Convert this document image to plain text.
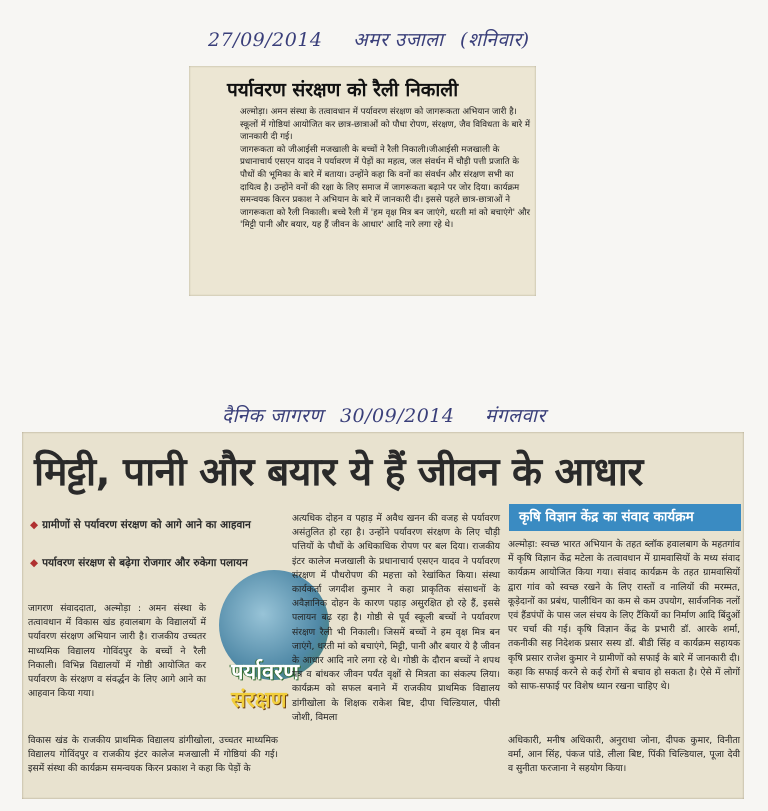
27/09/2014 अमर उजाला (शनिवार)
पर्यावरण संरक्षण को रैली निकाली

अल्मोड़ा। अमन संस्था के तत्वावधान में पर्यावरण संरक्षण को जागरूकता अभियान जारी है। स्कूलों में गोष्ठियां आयोजित कर छात्र-छात्राओं को पौधा रोपण, संरक्षण, जैव विविधता के बारे में जानकारी दी गई।

जागरूकता को जीआईसी मजखाली के बच्चों ने रैली निकाली।जीआईसी मजखाली के प्रधानाचार्य एसएन यादव ने पर्यावरण में पेड़ों का महत्व, जल संवर्धन में चौड़ी पत्ती प्रजाति के पौधों की भूमिका के बारे में बताया। उन्होंने कहा कि वनों का संवर्धन और संरक्षण सभी का दायित्व है। उन्होंने वनों की रक्षा के लिए समाज में जागरूकता बढ़ाने पर जोर दिया। कार्यक्रम समन्वयक किरन प्रकाश ने अभियान के बारे में जानकारी दी। इससे पहले छात्र-छात्राओं ने जागरूकता को रैली निकाली। बच्चे रैली में 'हम वृक्ष मित्र बन जाएंगे, धरती मां को बचाएंगे' और 'मिट्टी पानी और बयार, यह हैं जीवन के आधार' आदि नारे लगा रहे थे।

दैनिक जागरण 30/09/2014 मंगलवार
मिट्टी, पानी और बयार ये हैं जीवन के आधार
◆ ग्रामीणों से पर्यावरण संरक्षण को आगे आने का आहवान
◆ पर्यावरण संरक्षण से बढ़ेगा रोजगार और रुकेगा पलायन

जागरण संवाददाता, अल्मोड़ा : अमन संस्था के तत्वावधान में विकास खंड हवालबाग के विद्यालयों में पर्यावरण संरक्षण अभियान जारी है। राजकीय उच्चतर माध्यमिक विद्यालय गोविंदपुर के बच्चों ने रैली निकाली। विभिन्न विद्यालयों में गोष्ठी आयोजित कर पर्यावरण के संरक्षण व संवर्द्धन के लिए आगे आने का आहवान किया गया।

विकास खंड के राजकीय प्राथमिक विद्यालय डांगीखोला, उच्चतर माध्यमिक विद्यालय गोविंदपुर व राजकीय इंटर कालेज मजखाली में गोष्ठियां की गई। इसमें संस्था की कार्यक्रम समन्वयक किरन प्रकाश ने कहा कि पेड़ों के

पर्यावरण
संरक्षण

अत्यधिक दोहन व पहाड़ में अवैध खनन की वजह से पर्यावरण असंतुलित हो रहा है। उन्होंने पर्यावरण संरक्षण के लिए चौड़ी पत्तियों के पौधों के अधिकाधिक रोपण पर बल दिया। राजकीय इंटर कालेज मजखाली के प्रधानाचार्य एसएन यादव ने पर्यावरण संरक्षण में पौधरोपण की महत्ता को रेखांकित किया। संस्था कार्यकर्ता जगदीश कुमार ने कहा प्राकृतिक संसाधनों के अवैज्ञानिक दोहन के कारण पहाड़ असुरक्षित हो रहे हैं, इससे पलायन बढ़ रहा है। गोष्ठी से पूर्व स्कूली बच्चों ने पर्यावरण संरक्षण रैली भी निकाली। जिसमें बच्चों ने हम वृक्ष मित्र बन जाएंगे, धरती मां को बचाएंगे, मिट्टी, पानी और बयार ये है जीवन के आधार आदि नारे लगा रहे थे। गोष्ठी के दौरान बच्चों ने शपथ पत्र व बांधकर जीवन पर्यंत वृक्षों से मित्रता का संकल्प लिया। कार्यक्रम को सफल बनाने में राजकीय प्राथमिक विद्यालय डांगीखोला के शिक्षक राकेश बिष्ट, दीपा चिल्डियाल, पीसी जोशी, विमला

कृषि विज्ञान केंद्र का संवाद कार्यक्रम

अल्मोड़ा: स्वच्छ भारत अभियान के तहत ब्लॉक हवालबाग के महतगांव में कृषि विज्ञान केंद्र मटेला के तत्वावधान में ग्रामवासियों के मध्य संवाद कार्यक्रम आयोजित किया गया। संवाद कार्यक्रम के तहत ग्रामवासियों द्वारा गांव को स्वच्छ रखने के लिए रास्तों व नालियों की मरम्मत, कूड़ेदानों का प्रबंध, पालीथिन का कम से कम उपयोग, सार्वजनिक नलों एवं हैंडपंपों के पास जल संचय के लिए टैंकियों का निर्माण आदि बिंदुओं पर चर्चा की गई। कृषि विज्ञान केंद्र के प्रभारी डॉ. आरके शर्मा, तकनीकी सह निदेशक प्रसार सस्य डॉ. बीडी सिंह व कार्यक्रम सहायक कृषि प्रसार राजेश कुमार ने ग्रामीणों को सफाई के बारे में जानकारी दी। कहा कि सफाई करने से कई रोगों से बचाव हो सकता है। ऐसे में लोगों को साफ-सफाई पर विशेष ध्यान रखना चाहिए थे।

अधिकारी, मनीष अधिकारी, अनुराधा जोना, दीपक कुमार, विनीता वर्मा, आन सिंह, पंकज पांडे, लीला बिष्ट, पिंकी चिल्डियाल, पूजा देवी व सुनीता फरजाना ने सहयोग किया।
